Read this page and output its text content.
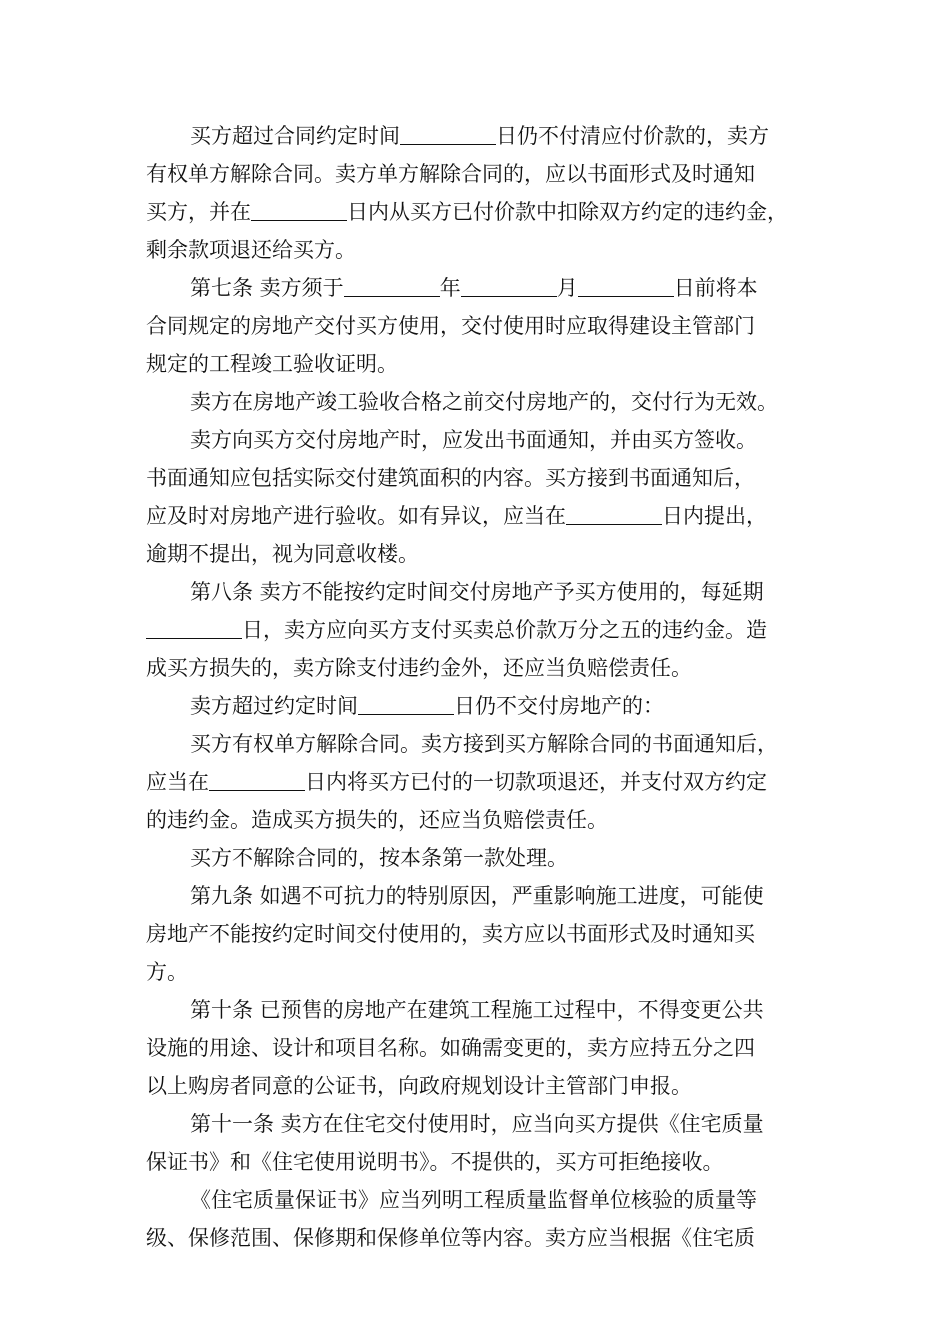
买方超过合同约定时间	日仍不付清应付价款的，卖方
有权单方解除合同。卖方单方解除合同的，应以书面形式及时通知
买方，并在	日内从买方已付价款中扣除双方约定的违约金，
剩余款项退还给买方。
第七条 卖方须于	年	月	日前将本
合同规定的房地产交付买方使用，交付使用时应取得建设主管部门
规定的工程竣工验收证明。
卖方在房地产竣工验收合格之前交付房地产的，交付行为无效。
卖方向买方交付房地产时，应发出书面通知，并由买方签收。
书面通知应包括实际交付建筑面积的内容。买方接到书面通知后，
应及时对房地产进行验收。如有异议，应当在	日内提出，
逾期不提出，视为同意收楼。
第八条 卖方不能按约定时间交付房地产予买方使用的，每延期
日，卖方应向买方支付买卖总价款万分之五的违约金。造
成买方损失的，卖方除支付违约金外，还应当负赔偿责任。
卖方超过约定时间	日仍不交付房地产的：
买方有权单方解除合同。卖方接到买方解除合同的书面通知后，
应当在	日内将买方已付的一切款项退还，并支付双方约定
的违约金。造成买方损失的，还应当负赔偿责任。
买方不解除合同的，按本条第一款处理。
第九条 如遇不可抗力的特别原因，严重影响施工进度，可能使
房地产不能按约定时间交付使用的，卖方应以书面形式及时通知买
方。
第十条 已预售的房地产在建筑工程施工过程中，不得变更公共
设施的用途、设计和项目名称。如确需变更的，卖方应持五分之四
以上购房者同意的公证书，向政府规划设计主管部门申报。
第十一条 卖方在住宅交付使用时，应当向买方提供《住宅质量
保证书》和《住宅使用说明书》。不提供的，买方可拒绝接收。
《住宅质量保证书》应当列明工程质量监督单位核验的质量等
级、保修范围、保修期和保修单位等内容。卖方应当根据《住宅质
